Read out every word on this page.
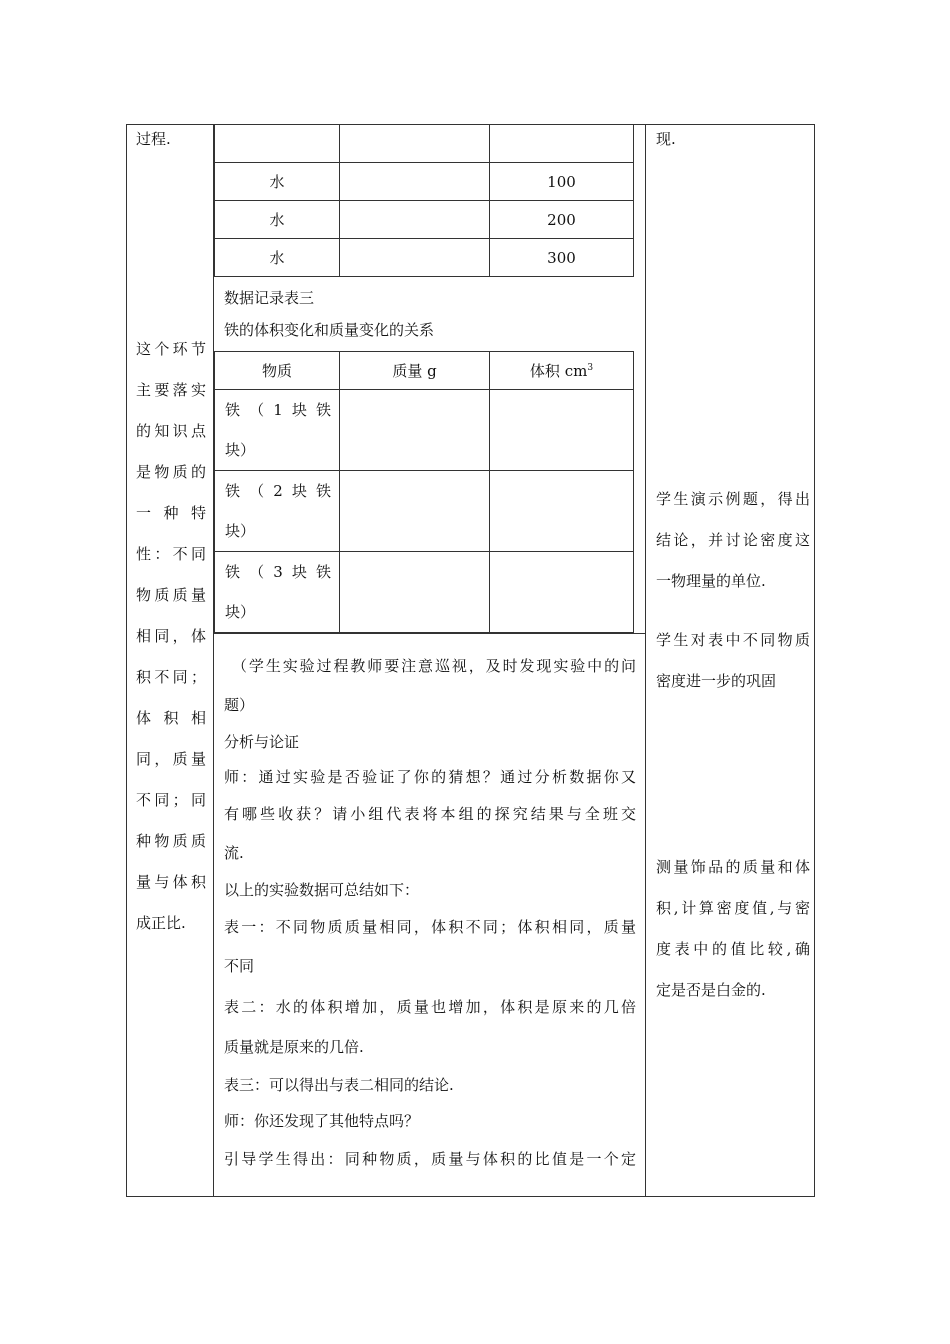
过程.
这个环节
主要落实
的知识点
是物质的
一种特
性：不同
物质质量
相同，体
积不同；
体积相
同，质量
不同；同
种物质质
量与体积
成正比.

水		100
水		200
水		300
数据记录表三
铁的体积变化和质量变化的关系
物质	质量 g	体积 $cm^3$

铁（1块铁
块）		

铁（2块铁
块）		

铁（3块铁
块）		

（学生实验过程教师要注意巡视，及时发现实验中的问
题）
分析与论证
师：通过实验是否验证了你的猜想？通过分析数据你又
有哪些收获？请小组代表将本组的探究结果与全班交
流.
以上的实验数据可总结如下：
表一：不同物质质量相同，体积不同；体积相同，质量
不同
表二：水的体积增加，质量也增加，体积是原来的几倍
质量就是原来的几倍.
表三：可以得出与表二相同的结论.
师：你还发现了其他特点吗？
引导学生得出：同种物质，质量与体积的比值是一个定
现.
学生演示例题，得出
结论，并讨论密度这
一物理量的单位.
学生对表中不同物质
密度进一步的巩固
测量饰品的质量和体
积,计算密度值,与密
度表中的值比较,确
定是否是白金的.
